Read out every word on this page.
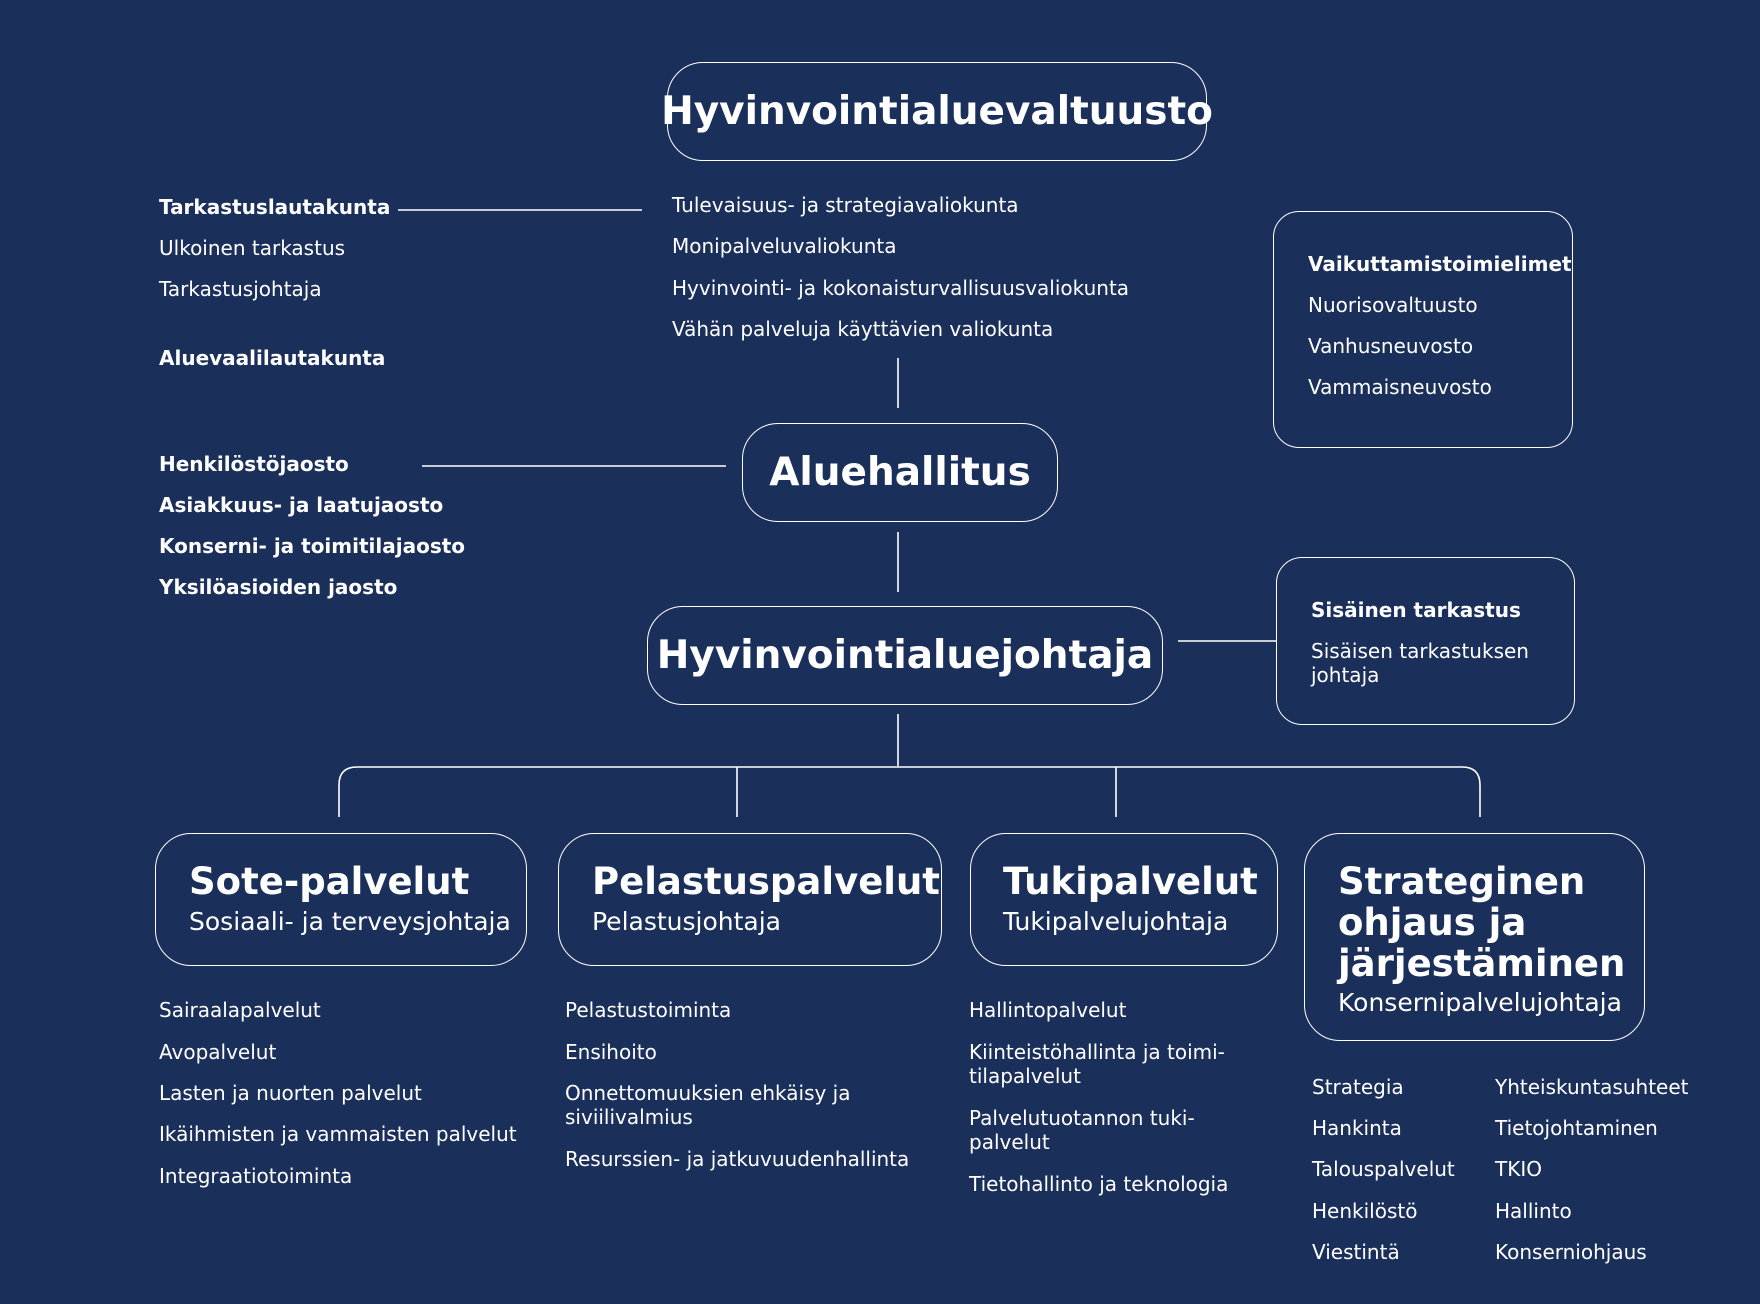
Hyvinvointialuevaltuusto
Tarkastuslautakunta
Ulkoinen tarkastus
Tarkastusjohtaja
Aluevaalilautakunta
Tulevaisuus- ja strategiavaliokunta
Monipalveluvaliokunta
Hyvinvointi- ja kokonaisturvallisuusvaliokunta
Vähän palveluja käyttävien valiokunta
Vaikuttamistoimielimet
Nuorisovaltuusto
Vanhusneuvosto
Vammaisneuvosto
Aluehallitus
Henkilöstöjaosto
Asiakkuus- ja laatujaosto
Konserni- ja toimitilajaosto
Yksilöasioiden jaosto
Hyvinvointialuejohtaja
Sisäinen tarkastus
Sisäisen tarkastuksen johtaja
Sote-palvelut
Sosiaali- ja terveysjohtaja
Sairaalapalvelut
Avopalvelut
Lasten ja nuorten palvelut
Ikäihmisten ja vammaisten palvelut
Integraatiotoiminta
Pelastuspalvelut
Pelastusjohtaja
Pelastustoiminta
Ensihoito
Onnettomuuksien ehkäisy ja siviilivalmius
Resurssien- ja jatkuvuudenhallinta
Tukipalvelut
Tukipalvelujohtaja
Hallintopalvelut
Kiinteistöhallinta ja toimi-tilapalvelut
Palvelutuotannon tuki-palvelut
Tietohallinto ja teknologia
Strateginen ohjaus ja järjestäminen
Konsernipalvelujohtaja
Strategia
Hankinta
Talouspalvelut
Henkilöstö
Viestintä
Yhteiskuntasuhteet
Tietojohtaminen
TKIO
Hallinto
Konserniohjaus
